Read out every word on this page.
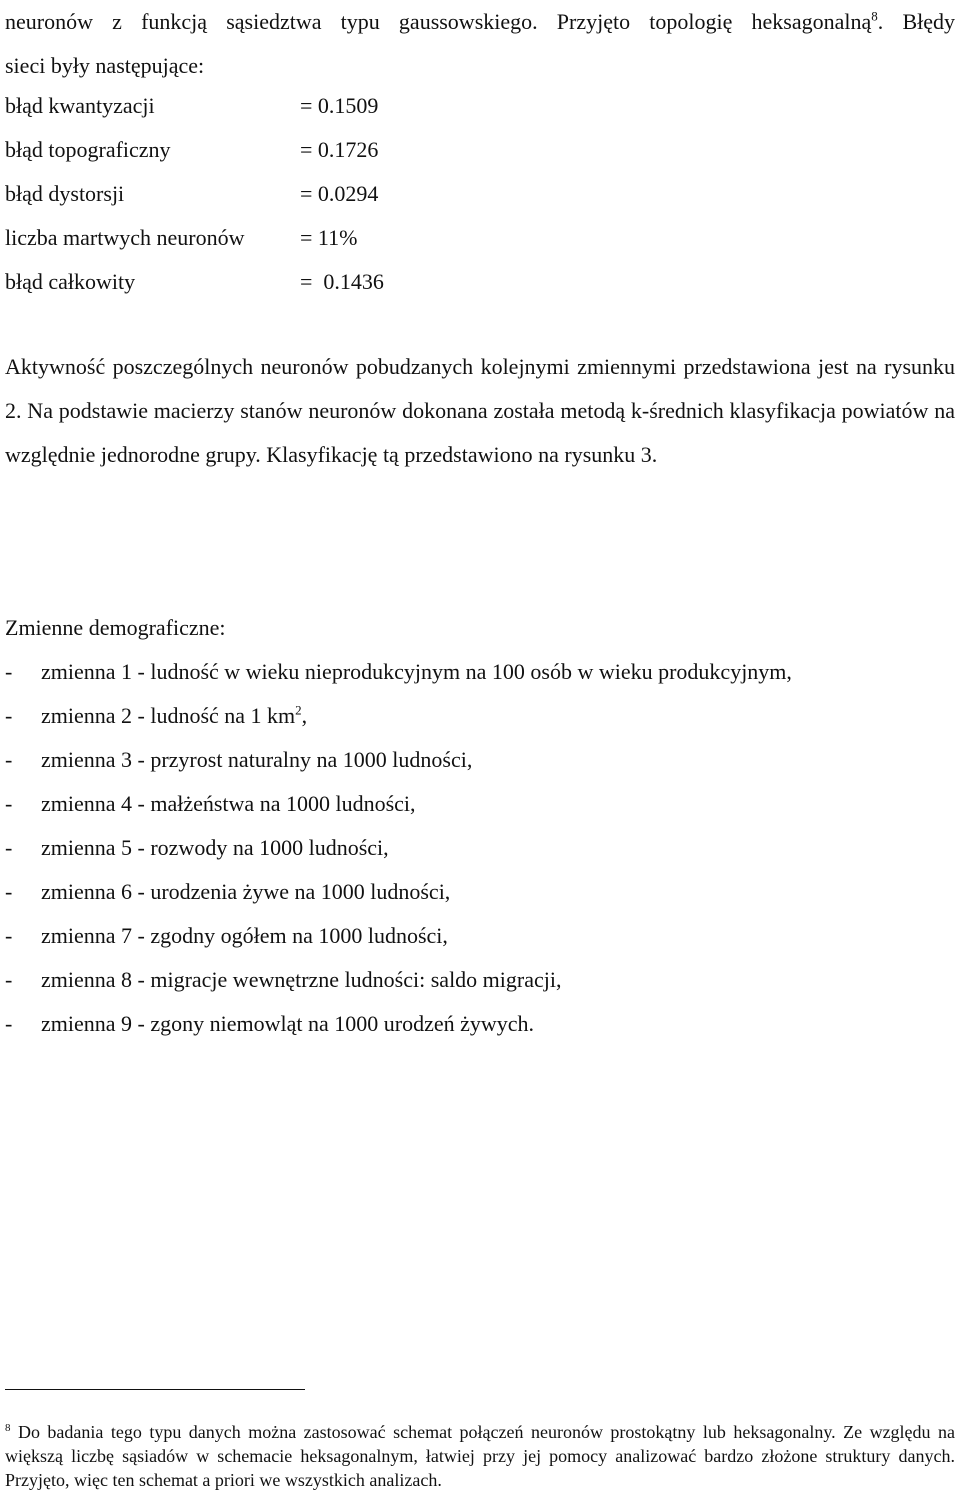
neuronów z funkcją sąsiedztwa typu gaussowskiego. Przyjęto topologię heksagonalną$^8$. Błędy

sieci były następujące:

błąd kwantyzacji	= 0.1509
błąd topograficzny	= 0.1726
błąd dystorsji	= 0.0294
liczba martwych neuronów	= 11%
błąd całkowity	=  0.1436

Aktywność poszczególnych neuronów pobudzanych kolejnymi zmiennymi przedstawiona jest na rysunku 2. Na podstawie macierzy stanów neuronów dokonana została metodą k-średnich klasyfikacja powiatów na względnie jednorodne grupy. Klasyfikację tą przedstawiono na rysunku 3.

Zmienne demograficzne:

-	zmienna 1 - ludność w wieku nieprodukcyjnym na 100 osób w wieku produkcyjnym,
-	zmienna 2 - ludność na 1 $km^2$,
-	zmienna 3 - przyrost naturalny na 1000 ludności,
-	zmienna 4 - małżeństwa na 1000 ludności,
-	zmienna 5 - rozwody na 1000 ludności,
-	zmienna 6 - urodzenia żywe na 1000 ludności,
-	zmienna 7 - zgodny ogółem na 1000 ludności,
-	zmienna 8 - migracje wewnętrzne ludności: saldo migracji,
-	zmienna 9 - zgony niemowląt na 1000 urodzeń żywych.

$^8$ Do badania tego typu danych można zastosować schemat połączeń neuronów prostokątny lub heksagonalny. Ze względu na większą liczbę sąsiadów w schemacie heksagonalnym, łatwiej przy jej pomocy analizować bardzo złożone struktury danych. Przyjęto, więc ten schemat a priori we wszystkich analizach.
